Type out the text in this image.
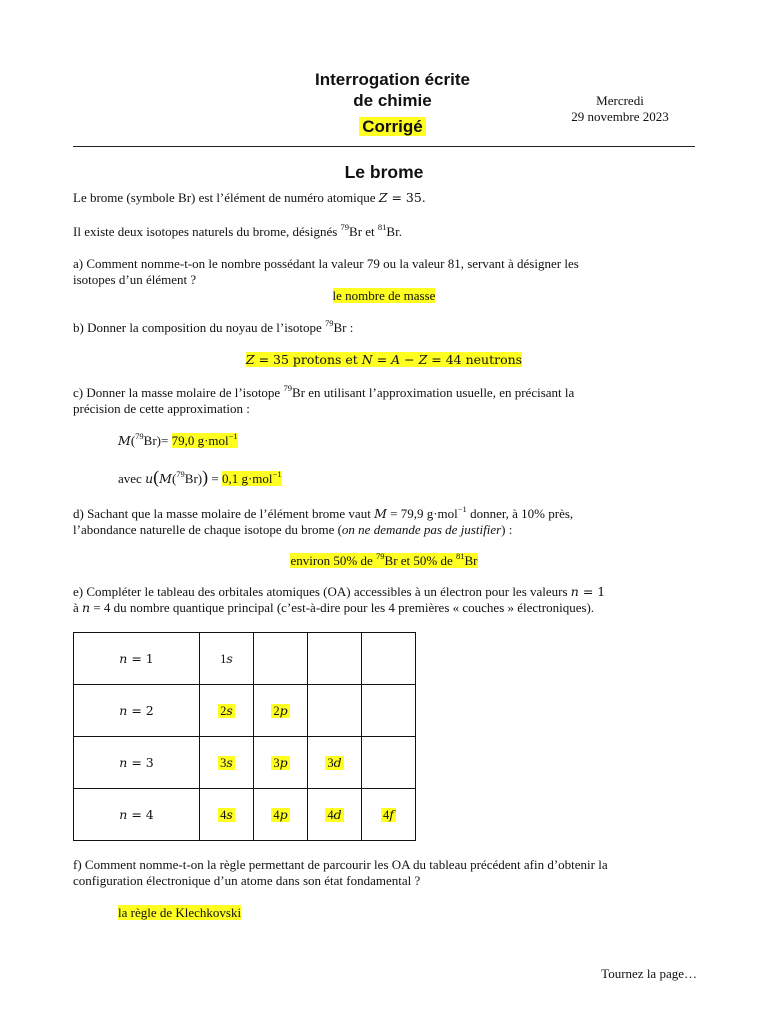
Interrogation écrite
de chimie
Corrigé
Mercredi
29 novembre 2023
Le brome
Le brome (symbole Br) est l’élément de numéro atomique Z = 35.
Il existe deux isotopes naturels du brome, désignés $^{79}$Br et $^{81}$Br.
a) Comment nomme-t-on le nombre possédant la valeur 79 ou la valeur 81, servant à désigner les
isotopes d’un élément ?
le nombre de masse
b) Donner la composition du noyau de l’isotope $^{79}$Br :
Z = 35 protons et N = A − Z = 44 neutrons
c) Donner la masse molaire de l’isotope $^{79}$Br en utilisant l’approximation usuelle, en précisant la
précision de cette approximation :
M($^{79}$Br)= 79,0 g·mol$^{-1}$
avec u(M($^{79}$Br)) = 0,1 g·mol$^{-1}$
d) Sachant que la masse molaire de l’élément brome vaut M = 79,9 g·mol$^{-1}$ donner, à 10% près,
l’abondance naturelle de chaque isotope du brome (on ne demande pas de justifier) :
environ 50% de $^{79}$Br et 50% de $^{81}$Br
e) Compléter le tableau des orbitales atomiques (OA) accessibles à un électron pour les valeurs n = 1
à n = 4 du nombre quantique principal (c’est-à-dire pour les 4 premières « couches » électroniques).
n = 1	1s			
n = 2	2s	2p		
n = 3	3s	3p	3d	
n = 4	4s	4p	4d	4f
f) Comment nomme-t-on la règle permettant de parcourir les OA du tableau précédent afin d’obtenir la
configuration électronique d’un atome dans son état fondamental ?
la règle de Klechkovski
Tournez la page…
